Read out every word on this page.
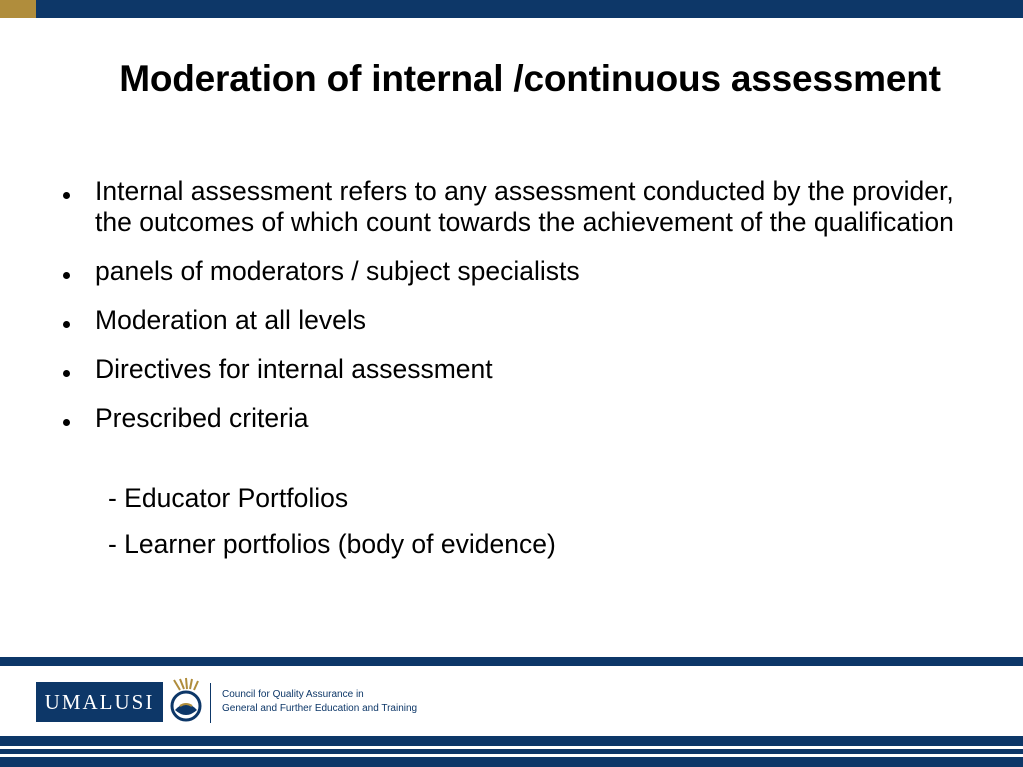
Moderation of internal /continuous assessment
Internal assessment refers to any assessment conducted by the provider, the outcomes of which count towards the achievement of the qualification
panels of moderators / subject specialists
Moderation at all levels
Directives for internal assessment
Prescribed criteria
- Educator Portfolios
- Learner portfolios (body of evidence)
UMALUSI	Council for Quality Assurance in
General and Further Education and Training
